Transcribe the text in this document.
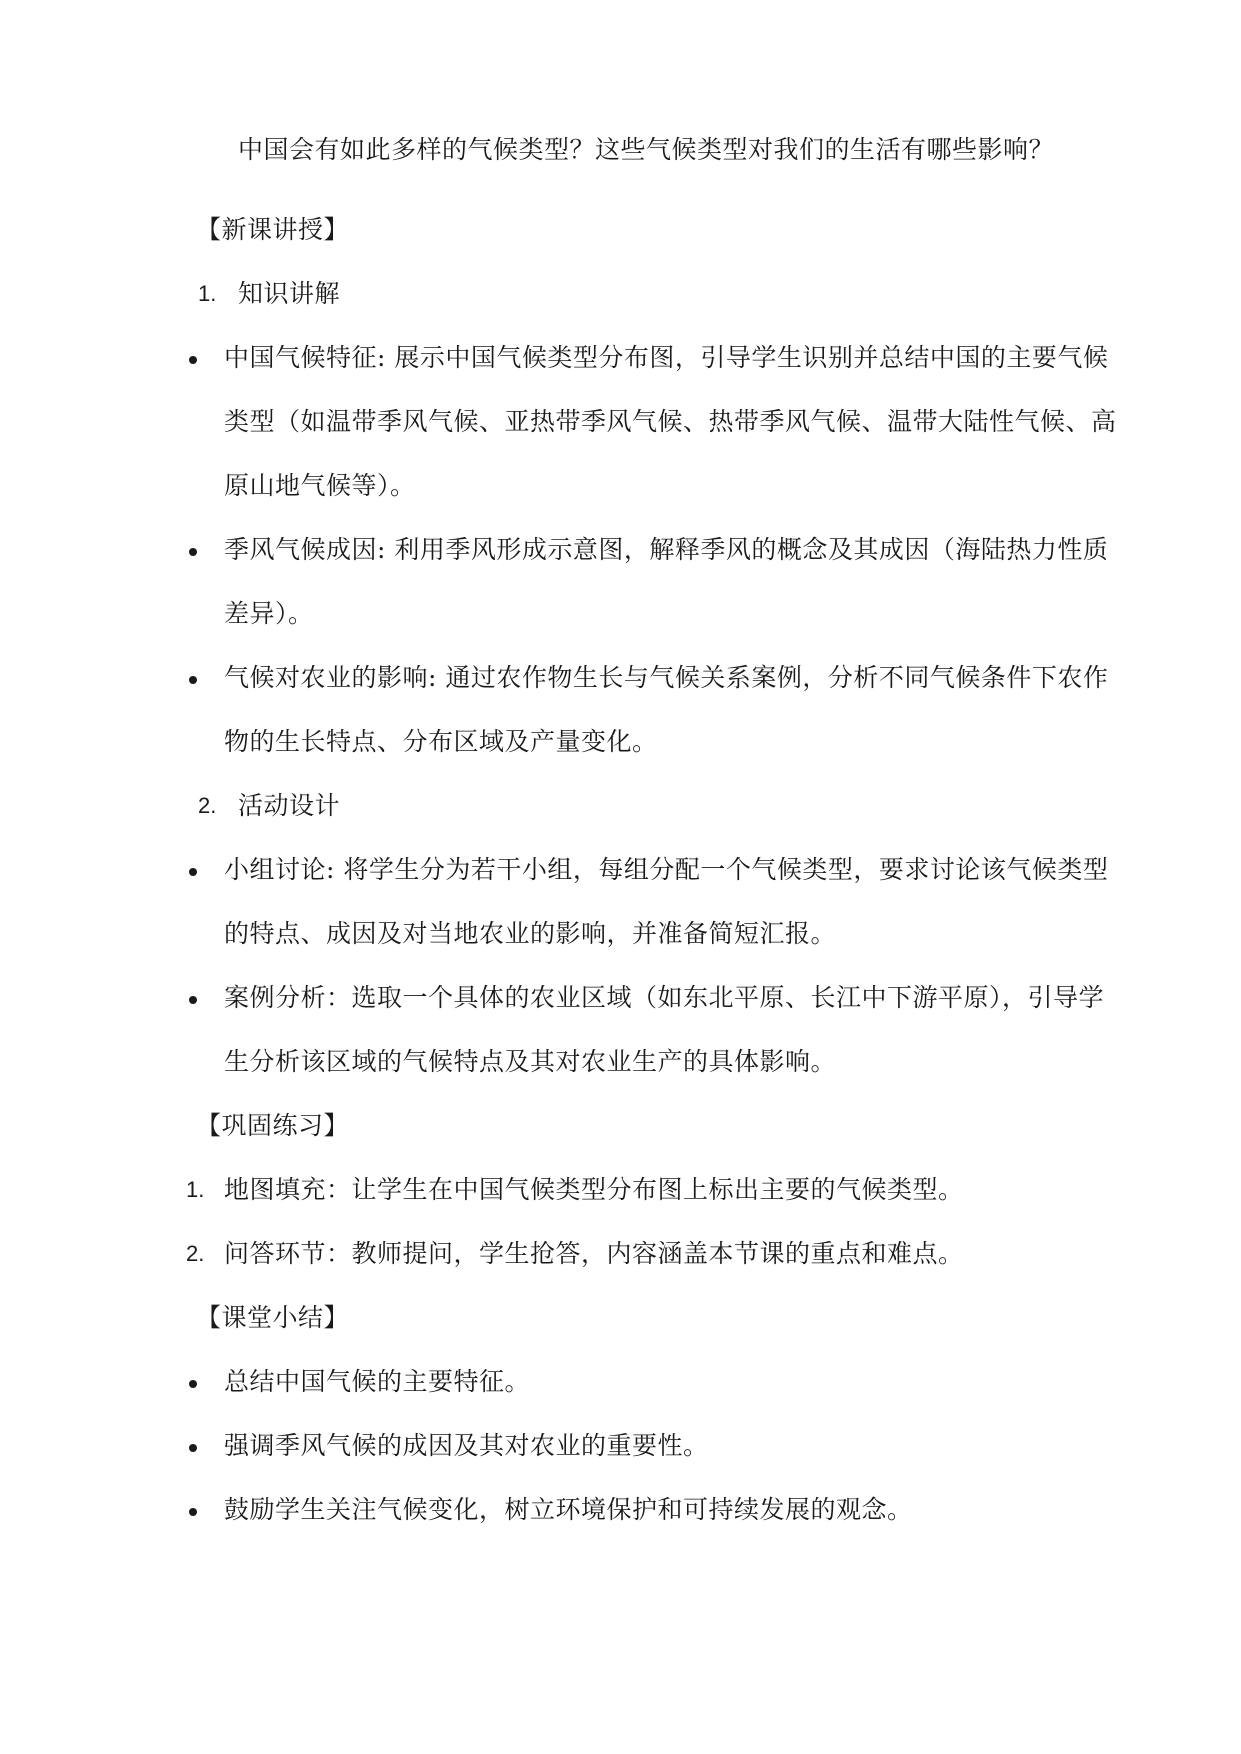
中国会有如此多样的气候类型？这些气候类型对我们的生活有哪些影响？
【新课讲授】
1. 知识讲解
中国气候特征: 展示中国气候类型分布图，引导学生识别并总结中国的主要气候
类型（如温带季风气候、亚热带季风气候、热带季风气候、温带大陆性气候、高
原山地气候等）。
季风气候成因: 利用季风形成示意图，解释季风的概念及其成因（海陆热力性质
差异）。
气候对农业的影响: 通过农作物生长与气候关系案例，分析不同气候条件下农作
物的生长特点、分布区域及产量变化。
2. 活动设计
小组讨论: 将学生分为若干小组，每组分配一个气候类型，要求讨论该气候类型
的特点、成因及对当地农业的影响，并准备简短汇报。
案例分析：选取一个具体的农业区域（如东北平原、长江中下游平原），引导学
生分析该区域的气候特点及其对农业生产的具体影响。
【巩固练习】
1. 地图填充：让学生在中国气候类型分布图上标出主要的气候类型。
2. 问答环节：教师提问，学生抢答，内容涵盖本节课的重点和难点。
【课堂小结】
总结中国气候的主要特征。
强调季风气候的成因及其对农业的重要性。
鼓励学生关注气候变化，树立环境保护和可持续发展的观念。
